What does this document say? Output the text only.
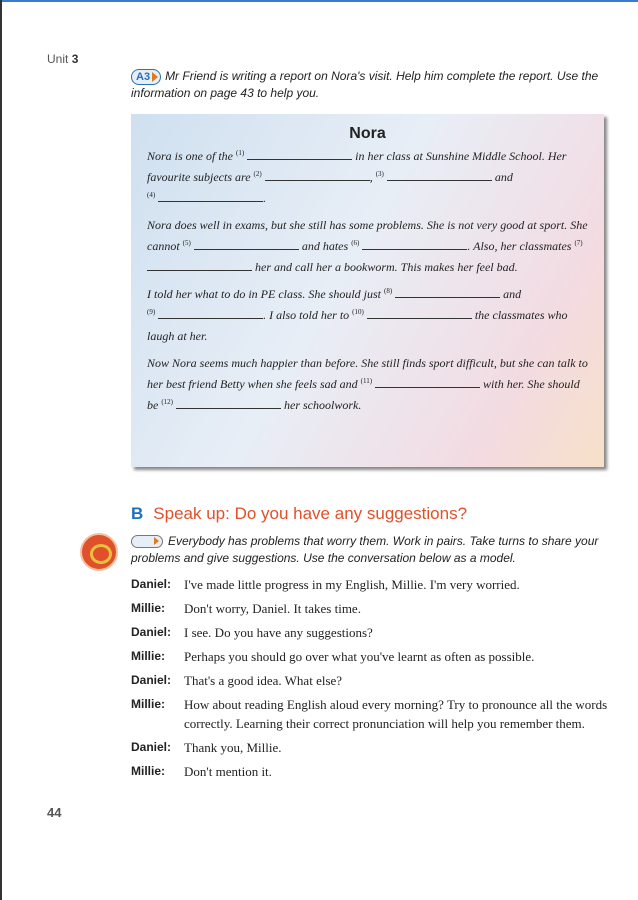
Unit 3
A3 Mr Friend is writing a report on Nora's visit. Help him complete the report. Use the information on page 43 to help you.
Nora

Nora is one of the $^{(1)}$	in her class at Sunshine Middle School. Her favourite subjects are $^{(2)}$	, $^{(3)}$	and
$^{(4)}$	.

Nora does well in exams, but she still has some problems. She is not very good at sport. She cannot $^{(5)}$	and hates $^{(6)}$	. Also, her classmates $^{(7)}$  her and call her a bookworm. This makes her feel bad.

I told her what to do in PE class. She should just $^{(8)}$	and
$^{(9)}$	. I also told her to $^{(10)}$	the classmates who laugh at her.

Now Nora seems much happier than before. She still finds sport difficult, but she can talk to her best friend Betty when she feels sad and $^{(11)}$	with her. She should be $^{(12)}$	her schoolwork.

B Speak up: Do you have any suggestions?
Everybody has problems that worry them. Work in pairs. Take turns to share your problems and give suggestions. Use the conversation below as a model.
Daniel: I've made little progress in my English, Millie. I'm very worried.
Millie:	Don't worry, Daniel. It takes time.
Daniel: I see. Do you have any suggestions?
Millie:	Perhaps you should go over what you've learnt as often as possible.
Daniel: That's a good idea. What else?
Millie:	How about reading English aloud every morning? Try to pronounce all the words correctly. Learning their correct pronunciation will help you remember them.
Daniel: Thank you, Millie.
Millie:	Don't mention it.
44
